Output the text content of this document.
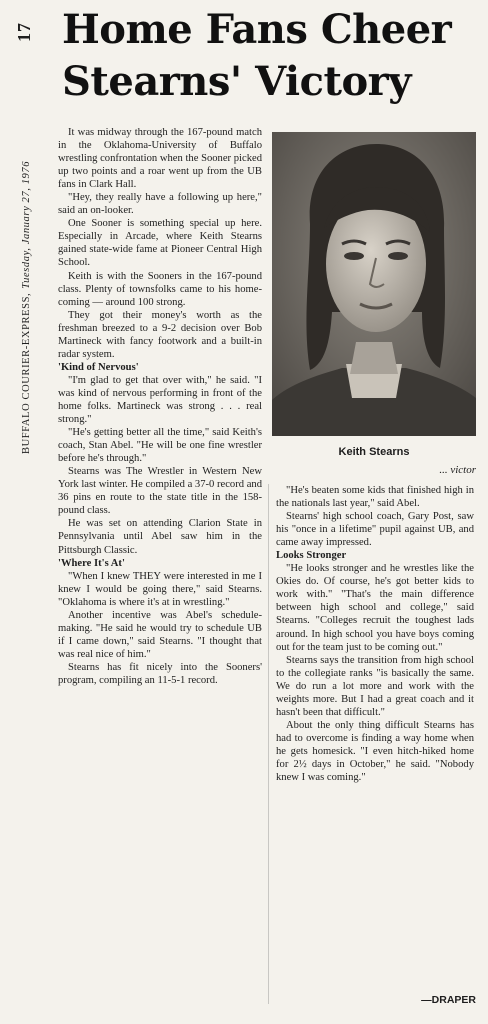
17
BUFFALO COURIER-EXPRESS,Tuesday, January 27, 1976
Home Fans Cheer Stearns' Victory

It was midway through the 167-pound match in the Oklahoma-University of Buffalo wrestling confrontation when the Sooner picked up two points and a roar went up from the UB fans in Clark Hall.

"Hey, they really have a following up here," said an on-looker.

One Sooner is something special up here. Especially in Arcade, where Keith Stearns gained state-wide fame at Pioneer Central High School.

Keith is with the Sooners in the 167-pound class. Plenty of townsfolks came to his home-coming — around 100 strong.

They got their money's worth as the freshman breezed to a 9-2 decision over Bob Martineck with fancy footwork and a built-in radar system.

'Kind of Nervous'

"I'm glad to get that over with," he said. "I was kind of nervous performing in front of the home folks. Martineck was strong . . . real strong."

"He's getting better all the time," said Keith's coach, Stan Abel. "He will be one fine wrestler before he's through."

Stearns was The Wrestler in Western New York last winter. He compiled a 37-0 record and 36 pins en route to the state title in the 158-pound class.

He was set on attending Clarion State in Pennsylvania until Abel saw him in the Pittsburgh Classic.

'Where It's At'

"When I knew THEY were interested in me I knew I would be going there," said Stearns. "Oklahoma is where it's at in wrestling."

Another incentive was Abel's schedule-making. "He said he would try to schedule UB if I came down," said Stearns. "I thought that was real nice of him."

Stearns has fit nicely into the Sooners' program, compiling an 11-5-1 record.

Keith Stearns
... victor

"He's beaten some kids that finished high in the nationals last year," said Abel.

Stearns' high school coach, Gary Post, saw his "once in a lifetime" pupil against UB, and came away impressed.

Looks Stronger

"He looks stronger and he wrestles like the Okies do. Of course, he's got better kids to work with." "That's the main difference between high school and college," said Stearns. "Colleges recruit the toughest lads around. In high school you have boys coming out for the team just to be coming out."

Stearns says the transition from high school to the collegiate ranks "is basically the same. We do run a lot more and work with the weights more. But I had a great coach and it hasn't been that difficult."

About the only thing difficult Stearns has had to overcome is finding a way home when he gets homesick. "I even hitch-hiked home for 2½ days in October," he said. "Nobody knew I was coming."

—DRAPER
